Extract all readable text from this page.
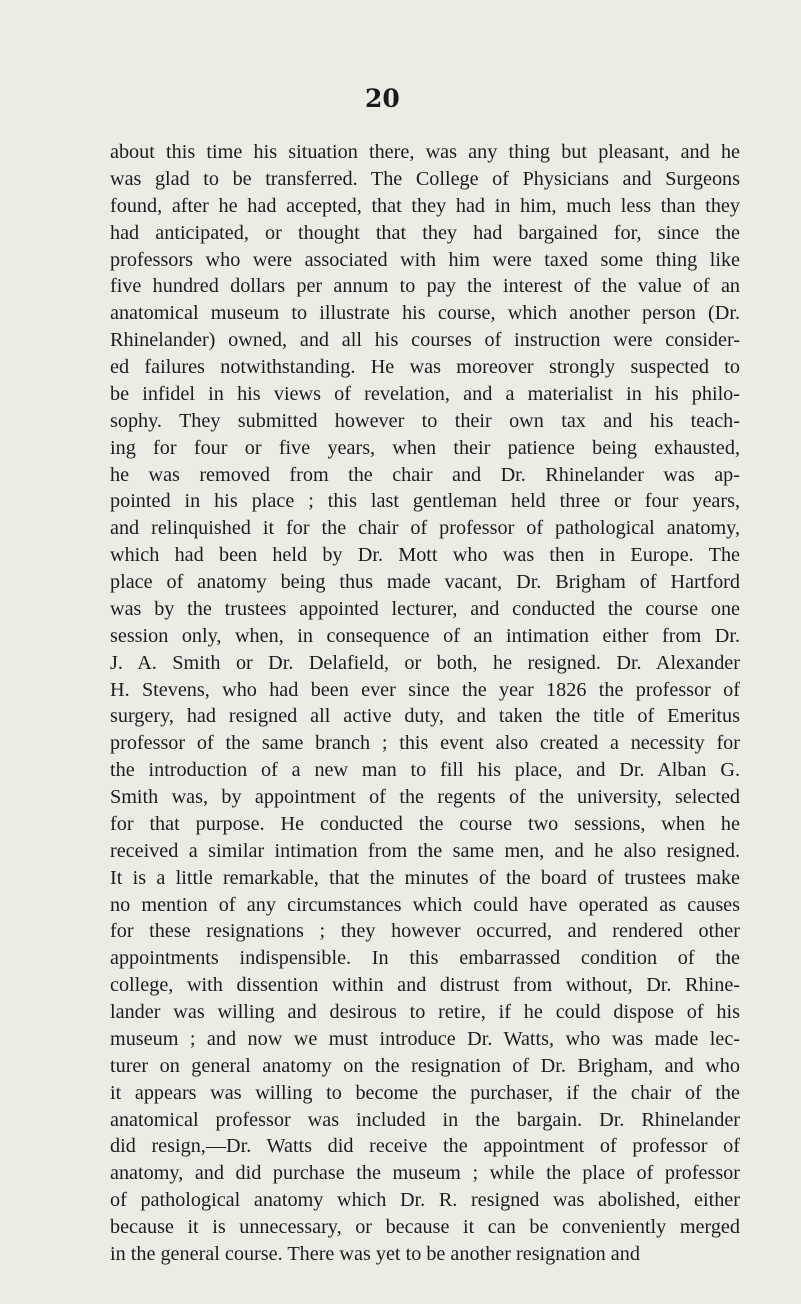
20
about this time his situation there, was any thing but pleasant, and he
was glad to be transferred. The College of Physicians and Surgeons
found, after he had accepted, that they had in him, much less than they
had anticipated, or thought that they had bargained for, since the
professors who were associated with him were taxed some thing like
five hundred dollars per annum to pay the interest of the value of an
anatomical museum to illustrate his course, which another person (Dr.
Rhinelander) owned, and all his courses of instruction were consider-
ed failures notwithstanding. He was moreover strongly suspected to
be infidel in his views of revelation, and a materialist in his philo-
sophy. They submitted however to their own tax and his teach-
ing for four or five years, when their patience being exhausted,
he was removed from the chair and Dr. Rhinelander was ap-
pointed in his place ; this last gentleman held three or four years,
and relinquished it for the chair of professor of pathological anatomy,
which had been held by Dr. Mott who was then in Europe. The
place of anatomy being thus made vacant, Dr. Brigham of Hartford
was by the trustees appointed lecturer, and conducted the course one
session only, when, in consequence of an intimation either from Dr.
J. A. Smith or Dr. Delafield, or both, he resigned. Dr. Alexander
H. Stevens, who had been ever since the year 1826 the professor of
surgery, had resigned all active duty, and taken the title of Emeritus
professor of the same branch ; this event also created a necessity for
the introduction of a new man to fill his place, and Dr. Alban G.
Smith was, by appointment of the regents of the university, selected
for that purpose. He conducted the course two sessions, when he
received a similar intimation from the same men, and he also resigned.
It is a little remarkable, that the minutes of the board of trustees make
no mention of any circumstances which could have operated as causes
for these resignations ; they however occurred, and rendered other
appointments indispensible. In this embarrassed condition of the
college, with dissention within and distrust from without, Dr. Rhine-
lander was willing and desirous to retire, if he could dispose of his
museum ; and now we must introduce Dr. Watts, who was made lec-
turer on general anatomy on the resignation of Dr. Brigham, and who
it appears was willing to become the purchaser, if the chair of the
anatomical professor was included in the bargain. Dr. Rhinelander
did resign,—Dr. Watts did receive the appointment of professor of
anatomy, and did purchase the museum ; while the place of professor
of pathological anatomy which Dr. R. resigned was abolished, either
because it is unnecessary, or because it can be conveniently merged
in the general course. There was yet to be another resignation and
